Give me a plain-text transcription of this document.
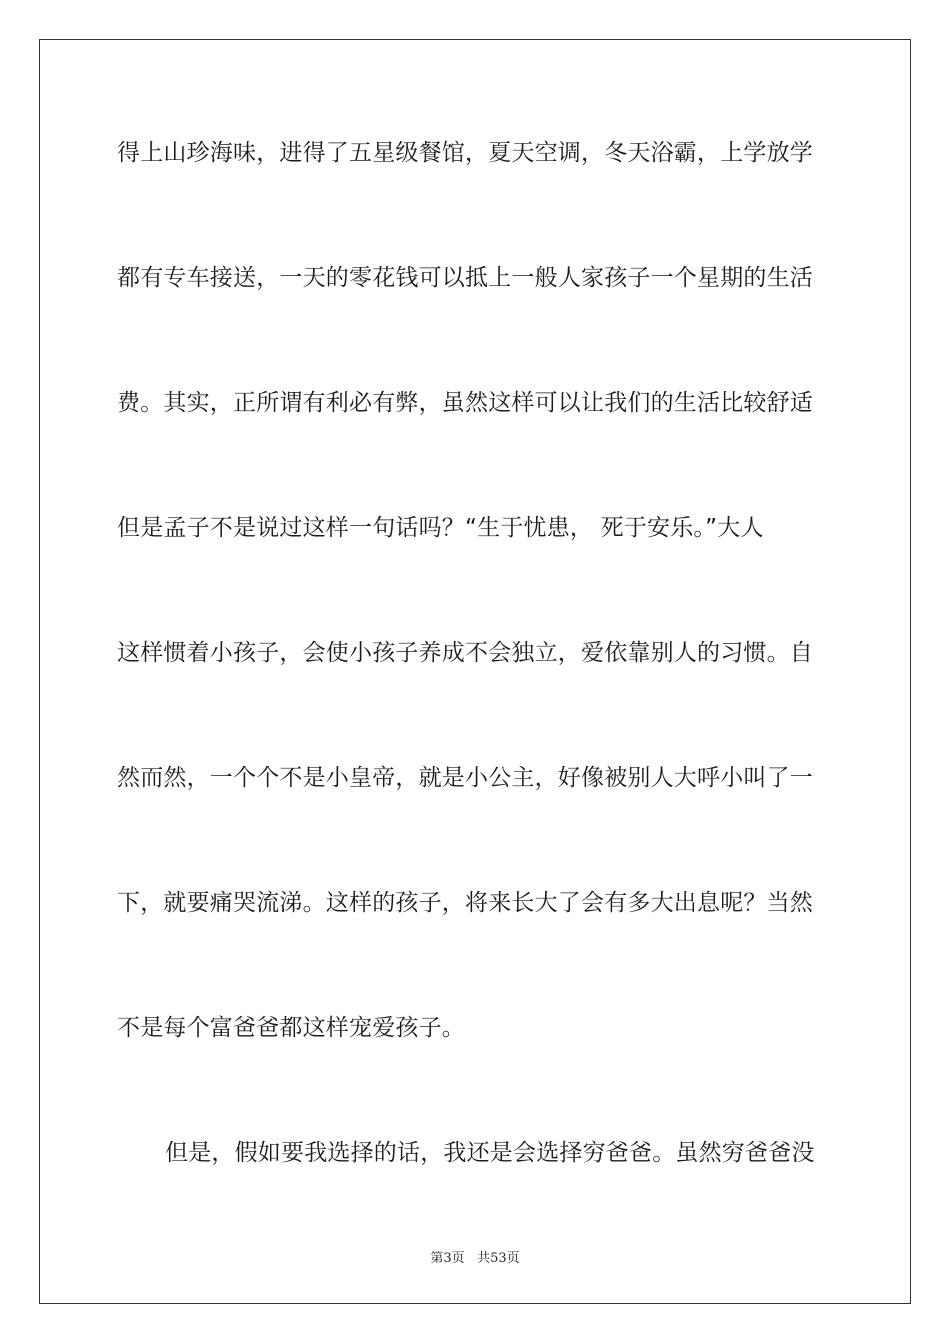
得上山珍海味，进得了五星级餐馆，夏天空调，冬天浴霸，上学放学
都有专车接送，一天的零花钱可以抵上一般人家孩子一个星期的生活
费。其实，正所谓有利必有弊，虽然这样可以让我们的生活比较舒适
但是孟子不是说过这样一句话吗？“生于忧患， 死于安乐。”大人
这样惯着小孩子，会使小孩子养成不会独立，爱依靠别人的习惯。自
然而然，一个个不是小皇帝，就是小公主，好像被别人大呼小叫了一
下，就要痛哭流涕。这样的孩子，将来长大了会有多大出息呢？当然
不是每个富爸爸都这样宠爱孩子。
但是，假如要我选择的话，我还是会选择穷爸爸。虽然穷爸爸没
第3页 共53页
